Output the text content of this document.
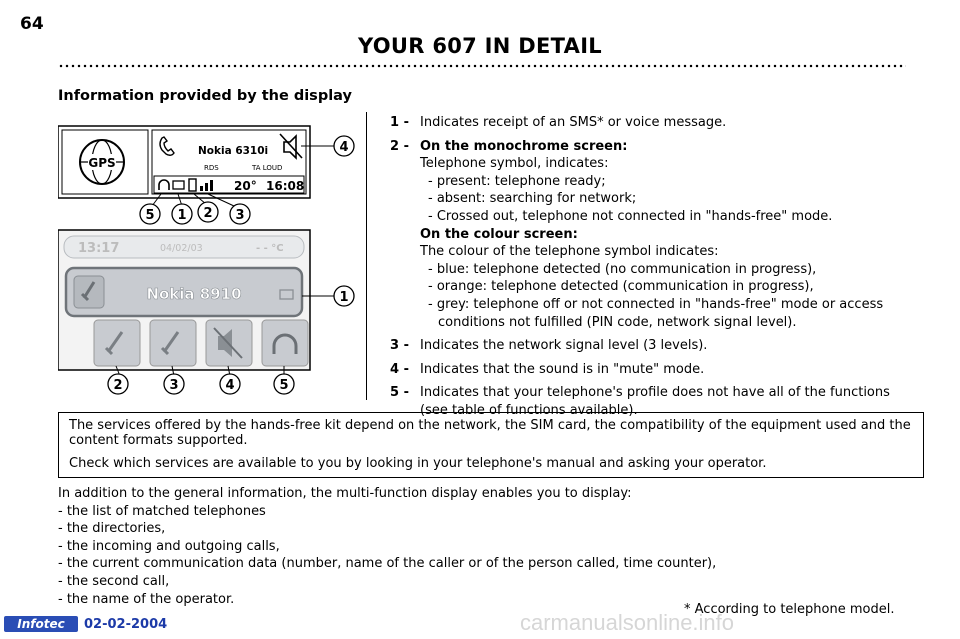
64
YOUR 607 IN DETAIL
Information provided by the display
GPS
Nokia 6310i
RDS	TA LOUD
20° 16:08
5 1 2 3
4
13:17	04/02/03	- - °C
Nokia 8910	1
2	3	4	5
1 - Indicates receipt of an SMS* or voice message.
2 - On the monochrome screen:
Telephone symbol, indicates:
- present: telephone ready;
- absent: searching for network;
- Crossed out, telephone not connected in "hands-free" mode.
On the colour screen:
The colour of the telephone symbol indicates:
- blue: telephone detected (no communication in progress),
- orange: telephone detected (communication in progress),
- grey: telephone off or not connected in "hands-free" mode or access conditions not fulfilled (PIN code, network signal level).
3 - Indicates the network signal level (3 levels).
4 - Indicates that the sound is in "mute" mode.
5 - Indicates that your telephone's profile does not have all of the functions (see table of functions available).

The services offered by the hands-free kit depend on the network, the SIM card, the compatibility of the equipment used and the content formats supported.

Check which services are available to you by looking in your telephone's manual and asking your operator.

In addition to the general information, the multi-function display enables you to display:
- the list of matched telephones
- the directories,
- the incoming and outgoing calls,
- the current communication data (number, name of the caller or of the person called, time counter),
- the second call,
- the name of the operator.
carmanualsonline.info
* According to telephone model.
Infotec	02-02-2004
